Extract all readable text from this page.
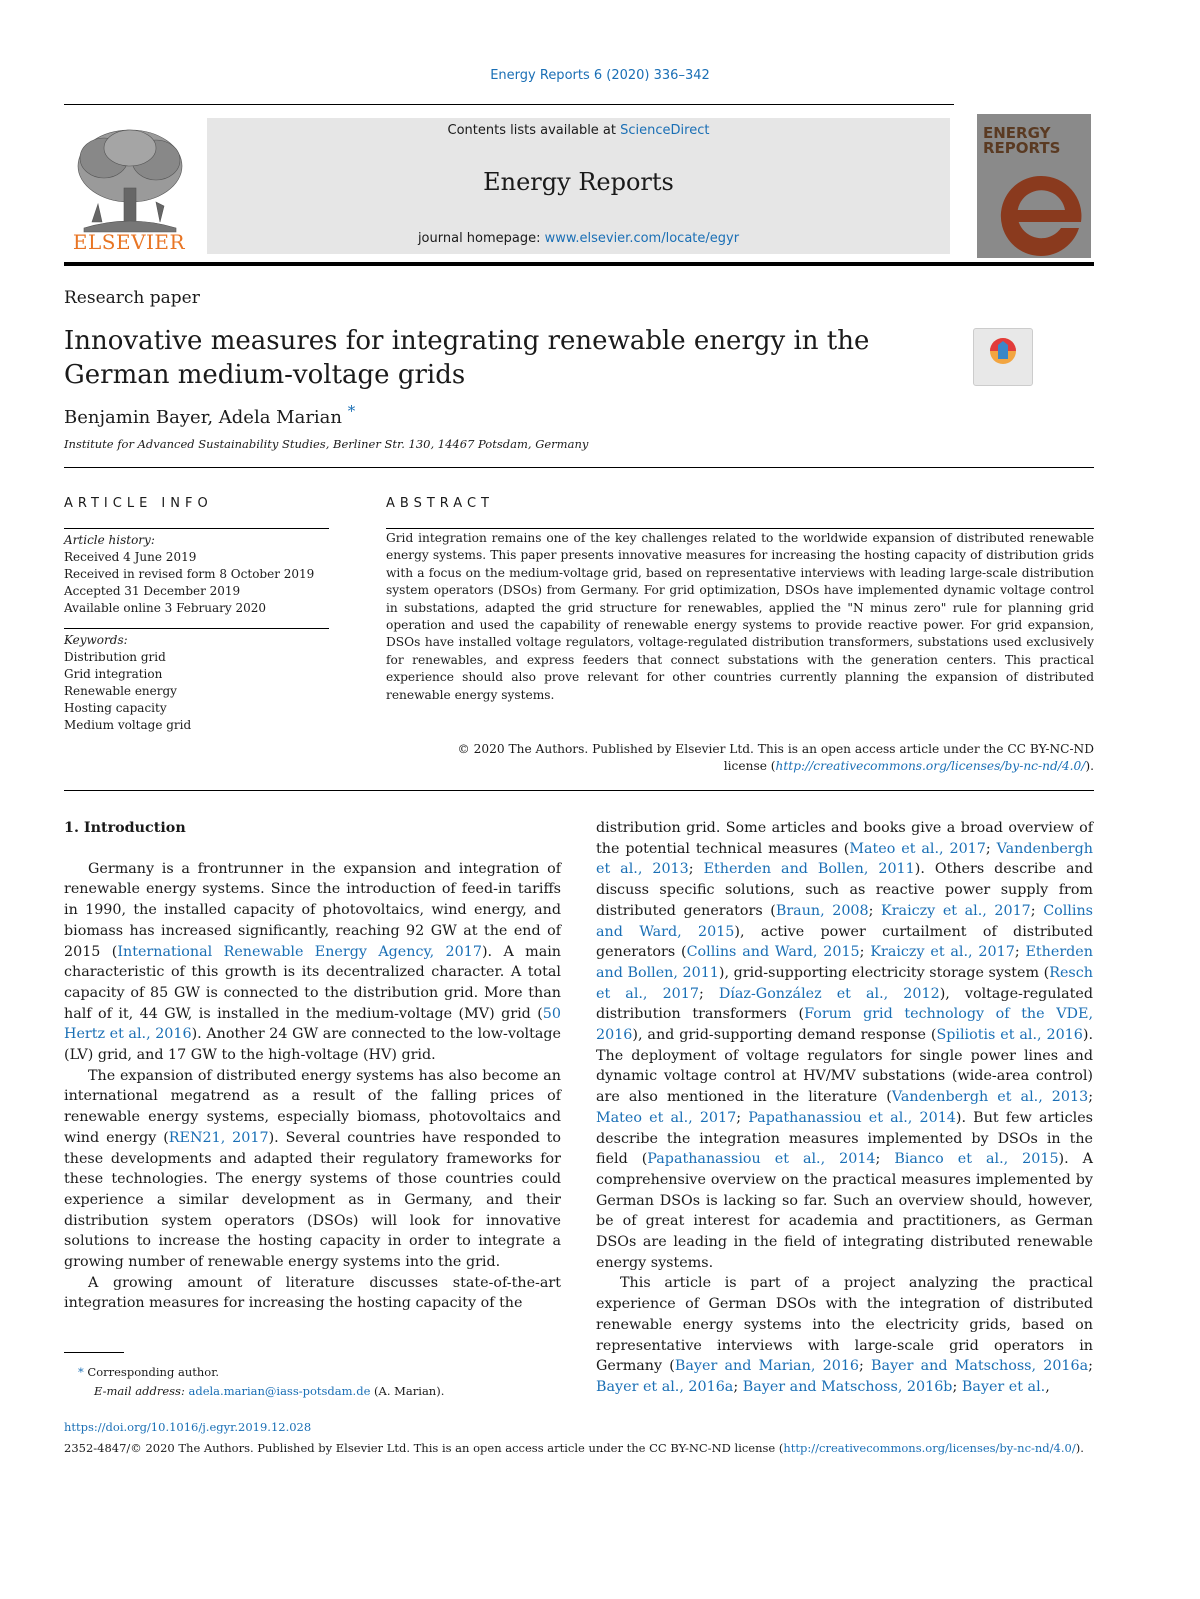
Energy Reports 6 (2020) 336–342
ELSEVIER
Contents lists available at ScienceDirect
Energy Reports
journal homepage: www.elsevier.com/locate/egyr
ENERGY
REPORTS
Research paper
Innovative measures for integrating renewable energy in the German medium-voltage grids
Benjamin Bayer, Adela Marian *
Institute for Advanced Sustainability Studies, Berliner Str. 130, 14467 Potsdam, Germany
ARTICLE INFO
Article history:
Received 4 June 2019
Received in revised form 8 October 2019
Accepted 31 December 2019
Available online 3 February 2020
Keywords:
Distribution grid
Grid integration
Renewable energy
Hosting capacity
Medium voltage grid
ABSTRACT
Grid integration remains one of the key challenges related to the worldwide expansion of distributed renewable energy systems. This paper presents innovative measures for increasing the hosting capacity of distribution grids with a focus on the medium-voltage grid, based on representative interviews with leading large-scale distribution system operators (DSOs) from Germany. For grid optimization, DSOs have implemented dynamic voltage control in substations, adapted the grid structure for renewables, applied the "N minus zero" rule for planning grid operation and used the capability of renewable energy systems to provide reactive power. For grid expansion, DSOs have installed voltage regulators, voltage-regulated distribution transformers, substations used exclusively for renewables, and express feeders that connect substations with the generation centers. This practical experience should also prove relevant for other countries currently planning the expansion of distributed renewable energy systems.
© 2020 The Authors. Published by Elsevier Ltd. This is an open access article under the CC BY-NC-ND
license (http://creativecommons.org/licenses/by-nc-nd/4.0/).

1. Introduction

Germany is a frontrunner in the expansion and integration of renewable energy systems. Since the introduction of feed-in tariffs in 1990, the installed capacity of photovoltaics, wind energy, and biomass has increased significantly, reaching 92 GW at the end of 2015 (International Renewable Energy Agency, 2017). A main characteristic of this growth is its decentralized character. A total capacity of 85 GW is connected to the distribution grid. More than half of it, 44 GW, is installed in the medium-voltage (MV) grid (50 Hertz et al., 2016). Another 24 GW are connected to the low-voltage (LV) grid, and 17 GW to the high-voltage (HV) grid.

The expansion of distributed energy systems has also become an international megatrend as a result of the falling prices of renewable energy systems, especially biomass, photovoltaics and wind energy (REN21, 2017). Several countries have responded to these developments and adapted their regulatory frameworks for these technologies. The energy systems of those countries could experience a similar development as in Germany, and their distribution system operators (DSOs) will look for innovative solutions to increase the hosting capacity in order to integrate a growing number of renewable energy systems into the grid.

A growing amount of literature discusses state-of-the-art integration measures for increasing the hosting capacity of the

distribution grid. Some articles and books give a broad overview of the potential technical measures (Mateo et al., 2017; Vandenbergh et al., 2013; Etherden and Bollen, 2011). Others describe and discuss specific solutions, such as reactive power supply from distributed generators (Braun, 2008; Kraiczy et al., 2017; Collins and Ward, 2015), active power curtailment of distributed generators (Collins and Ward, 2015; Kraiczy et al., 2017; Etherden and Bollen, 2011), grid-supporting electricity storage system (Resch et al., 2017; Díaz-González et al., 2012), voltage-regulated distribution transformers (Forum grid technology of the VDE, 2016), and grid-supporting demand response (Spiliotis et al., 2016). The deployment of voltage regulators for single power lines and dynamic voltage control at HV/MV substations (wide-area control) are also mentioned in the literature (Vandenbergh et al., 2013; Mateo et al., 2017; Papathanassiou et al., 2014). But few articles describe the integration measures implemented by DSOs in the field (Papathanassiou et al., 2014; Bianco et al., 2015). A comprehensive overview on the practical measures implemented by German DSOs is lacking so far. Such an overview should, however, be of great interest for academia and practitioners, as German DSOs are leading in the field of integrating distributed renewable energy systems.

This article is part of a project analyzing the practical experience of German DSOs with the integration of distributed renewable energy systems into the electricity grids, based on representative interviews with large-scale grid operators in Germany (Bayer and Marian, 2016; Bayer and Matschoss, 2016a; Bayer et al., 2016a; Bayer and Matschoss, 2016b; Bayer et al.,

* Corresponding author.
E-mail address: adela.marian@iass-potsdam.de (A. Marian).
https://doi.org/10.1016/j.egyr.2019.12.028
2352-4847/© 2020 The Authors. Published by Elsevier Ltd. This is an open access article under the CC BY-NC-ND license (http://creativecommons.org/licenses/by-nc-nd/4.0/).
